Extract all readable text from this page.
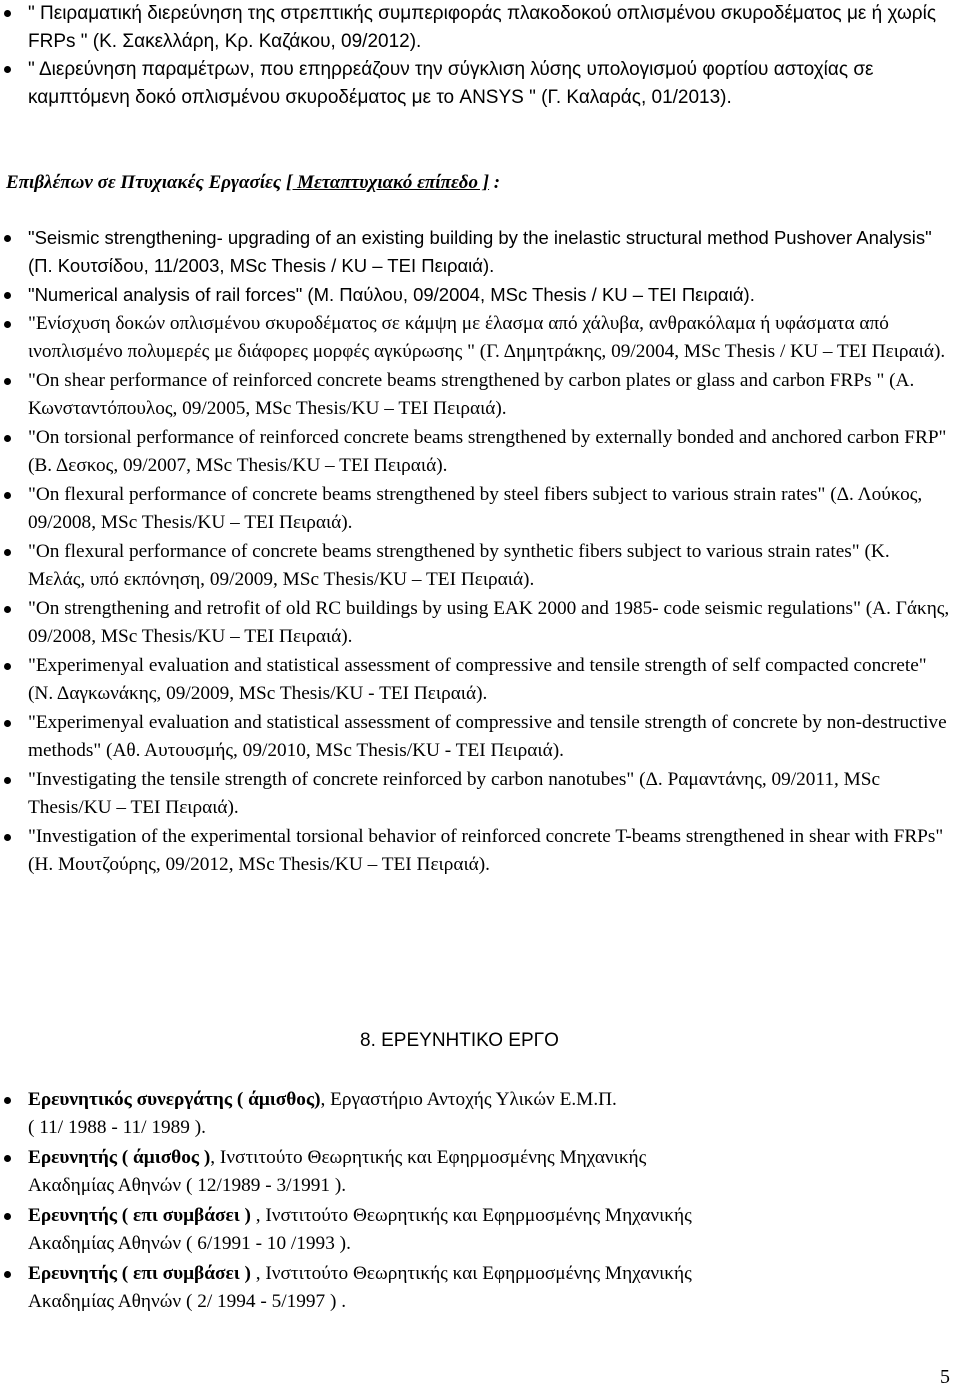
" Πειραματική διερεύνηση της στρεπτικής συμπεριφοράς πλακοδοκού οπλισμένου σκυροδέματος με ή χωρίς FRPs " (Κ. Σακελλάρη, Κρ. Καζάκου, 09/2012).
" Διερεύνηση παραμέτρων, που επηρρεάζουν την σύγκλιση λύσης υπολογισμού φορτίου αστοχίας σε καμπτόμενη δοκό οπλισμένου σκυροδέματος με το ANSYS " (Γ. Καλαράς, 01/2013).
Επιβλέπων σε Πτυχιακές Εργασίες [ Μεταπτυχιακό επίπεδο ] :
"Seismic strengthening- upgrading of an existing building by the inelastic structural method Pushover Analysis" (Π. Κουτσίδου, 11/2003, MSc Thesis / KU – TEI Πειραιά).
"Numerical analysis of rail forces" (Μ. Παύλου, 09/2004, MSc Thesis / KU – TEI Πειραιά).
"Ενίσχυση δοκών οπλισμένου σκυροδέματος σε κάμψη με έλασμα από χάλυβα, ανθρακόλαμα ή υφάσματα από ινοπλισμένο πολυμερές με διάφορες μορφές αγκύρωσης " (Γ. Δημητράκης, 09/2004, MSc Thesis / KU – TEI Πειραιά).
"On shear performance of reinforced concrete beams strengthened by carbon plates or glass and carbon FRPs " (Α. Κωνσταντόπουλος, 09/2005, MSc Thesis/KU – TEI Πειραιά).
"On torsional performance of reinforced concrete beams strengthened by externally bonded and anchored carbon FRP" (Β. Δεσκος, 09/2007, MSc Thesis/KU – TEI Πειραιά).
"On flexural performance of concrete beams strengthened by steel fibers subject to various strain rates" (Δ. Λούκος, 09/2008, MSc Thesis/KU – TEI Πειραιά).
"On flexural performance of concrete beams strengthened by synthetic fibers subject to various strain rates" (Κ. Μελάς, υπό εκπόνηση, 09/2009, MSc Thesis/KU – TEI Πειραιά).
"On strengthening and retrofit of old RC buildings by using EAK 2000 and 1985- code seismic regulations" (Α. Γάκης, 09/2008, MSc Thesis/KU – TEI Πειραιά).
"Experimenyal evaluation and statistical assessment of compressive and tensile strength of self compacted concrete" (Ν. Δαγκωνάκης, 09/2009, MSc Thesis/KU - TEI Πειραιά).
"Experimenyal evaluation and statistical assessment of compressive and tensile strength of concrete by non-destructive methods" (Αθ. Αυτουσμής, 09/2010, MSc Thesis/KU - TEI Πειραιά).
"Investigating the tensile strength of concrete reinforced by carbon nanotubes" (Δ. Ραμαντάνης, 09/2011, MSc Thesis/KU – TEI Πειραιά).
"Investigation of the experimental torsional behavior of reinforced concrete T-beams strengthened in shear with FRPs" (Η. Μουτζούρης, 09/2012, MSc Thesis/KU – TEI Πειραιά).
8. ΕΡΕΥΝΗΤΙΚΟ ΕΡΓΟ
Ερευνητικός συνεργάτης ( άμισθος), Εργαστήριο Αντοχής Υλικών Ε.Μ.Π.
( 11/ 1988 - 11/ 1989 ).
Ερευνητής ( άμισθος ), Ινστιτούτο Θεωρητικής και Εφηρμοσμένης Μηχανικής
Ακαδημίας Αθηνών ( 12/1989 - 3/1991 ).
Ερευνητής ( επι συμβάσει ) , Ινστιτούτο Θεωρητικής και Εφηρμοσμένης Μηχανικής
Ακαδημίας Αθηνών ( 6/1991 - 10 /1993 ).
Ερευνητής ( επι συμβάσει ) , Ινστιτούτο Θεωρητικής και Εφηρμοσμένης Μηχανικής
Ακαδημίας Αθηνών ( 2/ 1994 - 5/1997 ) .
5
